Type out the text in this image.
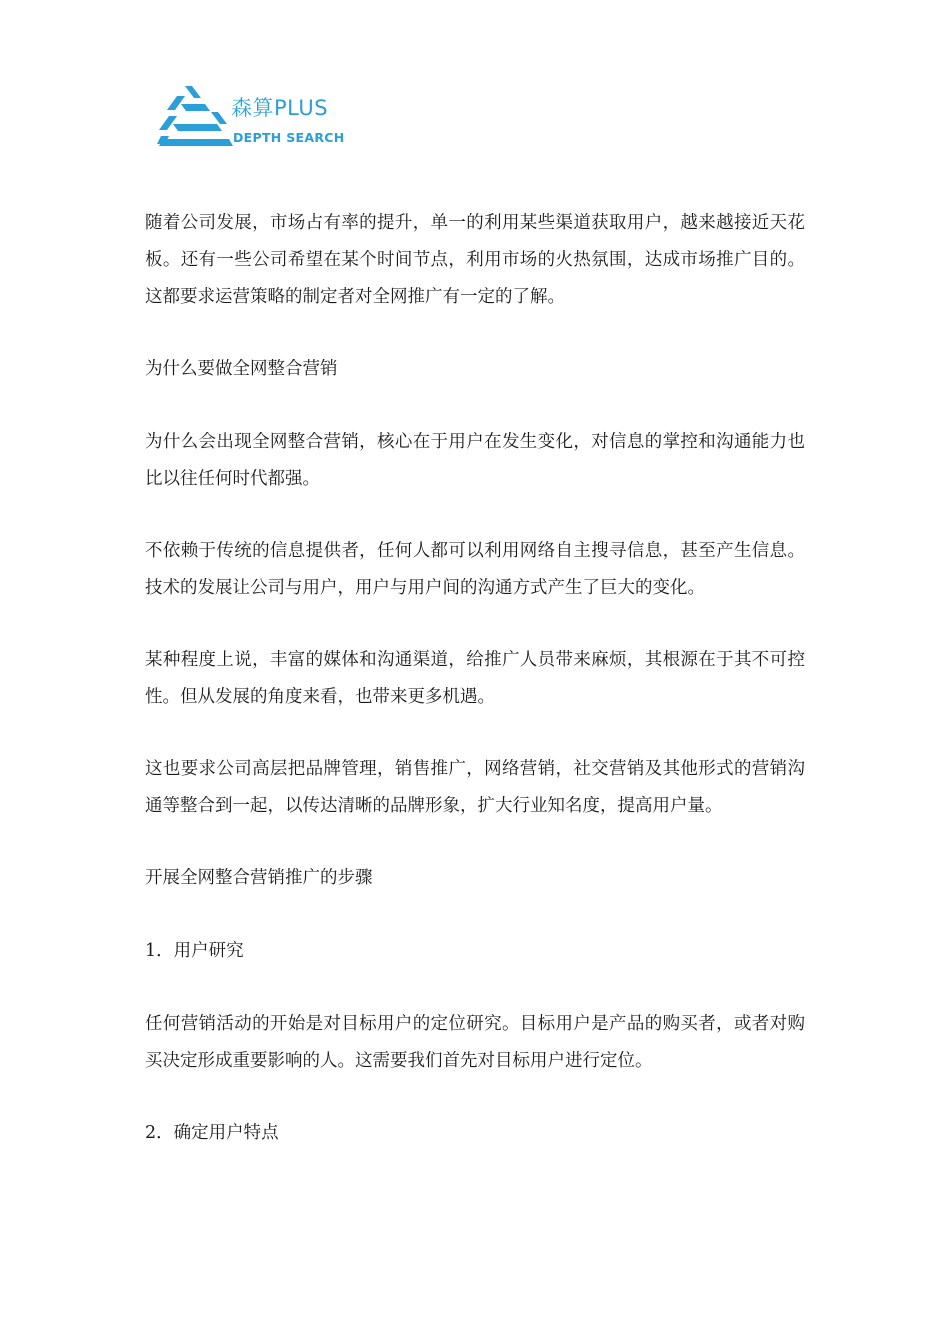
森算PLUS
DEPTH SEARCH

随着公司发展，市场占有率的提升，单一的利用某些渠道获取用户，越来越接近天花板。还有一些公司希望在某个时间节点，利用市场的火热氛围，达成市场推广目的。这都要求运营策略的制定者对全网推广有一定的了解。

为什么要做全网整合营销

为什么会出现全网整合营销，核心在于用户在发生变化，对信息的掌控和沟通能力也比以往任何时代都强。

不依赖于传统的信息提供者，任何人都可以利用网络自主搜寻信息，甚至产生信息。技术的发展让公司与用户，用户与用户间的沟通方式产生了巨大的变化。

某种程度上说，丰富的媒体和沟通渠道，给推广人员带来麻烦，其根源在于其不可控性。但从发展的角度来看，也带来更多机遇。

这也要求公司高层把品牌管理，销售推广，网络营销，社交营销及其他形式的营销沟通等整合到一起，以传达清晰的品牌形象，扩大行业知名度，提高用户量。

开展全网整合营销推广的步骤

1．用户研究

任何营销活动的开始是对目标用户的定位研究。目标用户是产品的购买者，或者对购买决定形成重要影响的人。这需要我们首先对目标用户进行定位。

2．确定用户特点
